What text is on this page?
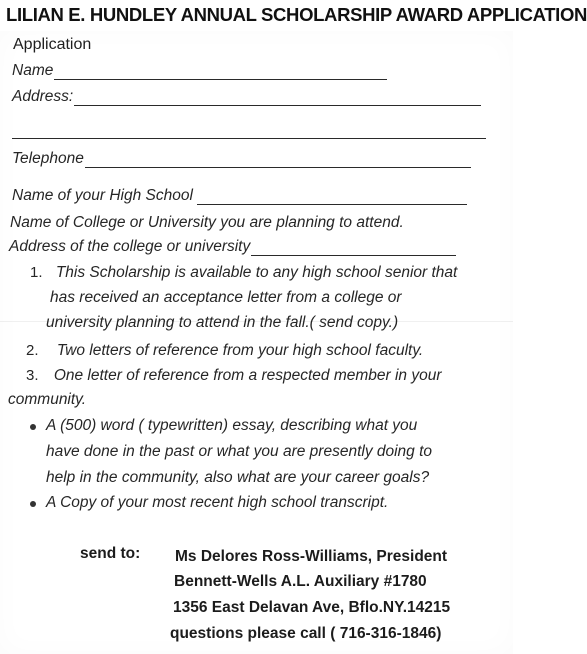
LILIAN E. HUNDLEY ANNUAL SCHOLARSHIP AWARD APPLICATION
Application
Name
Address:
Telephone
Name of your High School
Name of College or University you are planning to attend.
Address of the college or university
1. This Scholarship is available to any high school senior that
has received an acceptance letter from a college or
university planning to attend in the fall.( send copy.)
2. Two letters of reference from your high school faculty.
3. One letter of reference from a respected member in your
community.
A (500) word ( typewritten) essay, describing what you
have done in the past or what you are presently doing to
help in the community, also what are your career goals?
A Copy of your most recent high school transcript.
send to: Ms Delores Ross-Williams, President
Bennett-Wells A.L. Auxiliary #1780
1356 East Delavan Ave, Bflo.NY.14215
questions please call ( 716-316-1846)
